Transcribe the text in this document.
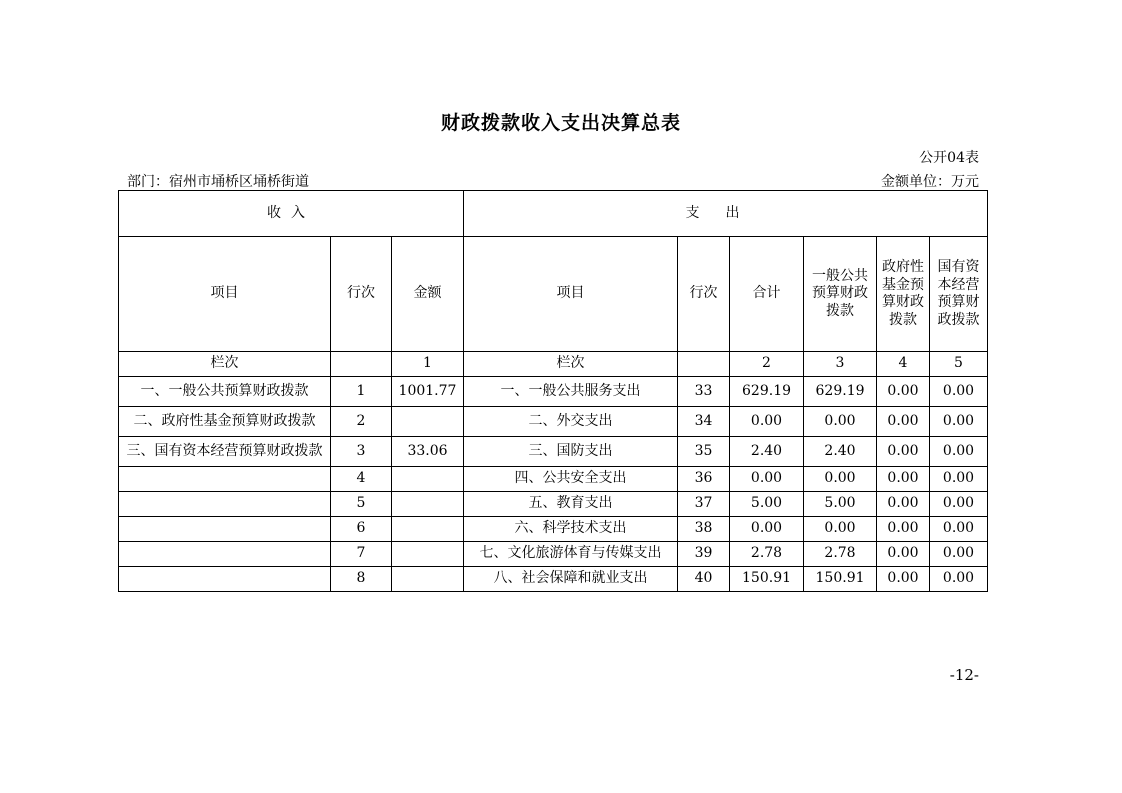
财政拨款收入支出决算总表
公开04表
部门：宿州市埇桥区埇桥街道	金额单位：万元
收入			支出					
项目	行次	金额	项目	行次	合计	一般公共预算财政拨款	政府性基金预算财政拨款	国有资本经营预算财政拨款
栏次		1	栏次		2	3	4	5
一、一般公共预算财政拨款	1	1001.77	一、一般公共服务支出	33	629.19	629.19	0.00	0.00
二、政府性基金预算财政拨款	2		二、外交支出	34	0.00	0.00	0.00	0.00
三、国有资本经营预算财政拨款	3	33.06	三、国防支出	35	2.40	2.40	0.00	0.00
	4		四、公共安全支出	36	0.00	0.00	0.00	0.00
	5		五、教育支出	37	5.00	5.00	0.00	0.00
	6		六、科学技术支出	38	0.00	0.00	0.00	0.00
	7		七、文化旅游体育与传媒支出	39	2.78	2.78	0.00	0.00
	8		八、社会保障和就业支出	40	150.91	150.91	0.00	0.00
-12-
